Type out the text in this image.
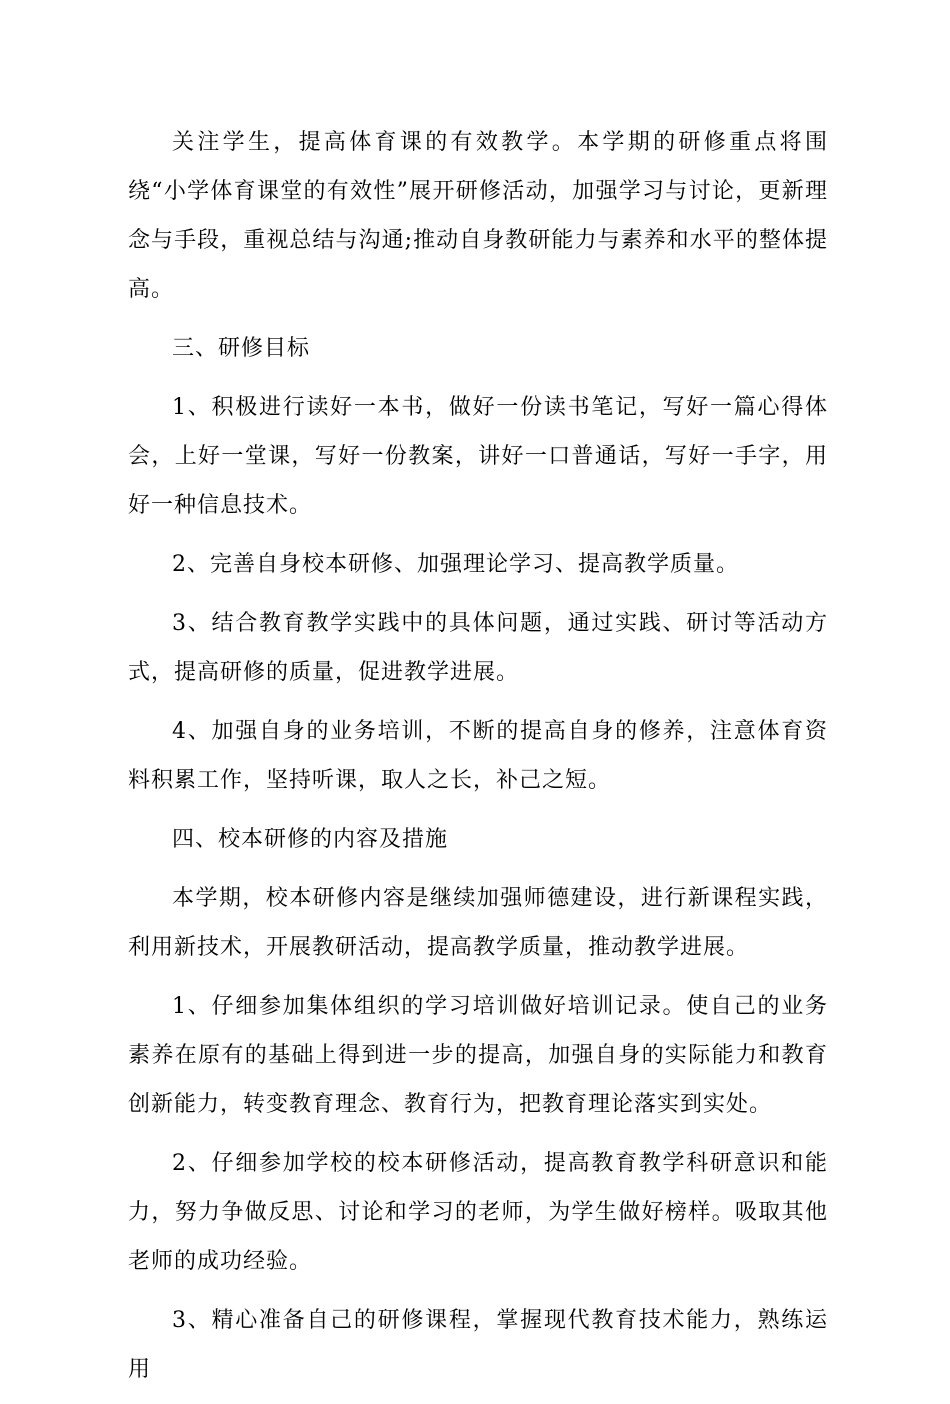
关注学生，提高体育课的有效教学。本学期的研修重点将围绕“小学体育课堂的有效性”展开研修活动，加强学习与讨论，更新理念与手段，重视总结与沟通;推动自身教研能力与素养和水平的整体提高。

三、研修目标

1、积极进行读好一本书，做好一份读书笔记，写好一篇心得体会，上好一堂课，写好一份教案，讲好一口普通话，写好一手字，用好一种信息技术。

2、完善自身校本研修、加强理论学习、提高教学质量。

3、结合教育教学实践中的具体问题，通过实践、研讨等活动方式，提高研修的质量，促进教学进展。

4、加强自身的业务培训，不断的提高自身的修养，注意体育资料积累工作，坚持听课，取人之长，补己之短。

四、校本研修的内容及措施

本学期，校本研修内容是继续加强师德建设，进行新课程实践，利用新技术，开展教研活动，提高教学质量，推动教学进展。

1、仔细参加集体组织的学习培训做好培训记录。使自己的业务素养在原有的基础上得到进一步的提高，加强自身的实际能力和教育创新能力，转变教育理念、教育行为，把教育理论落实到实处。

2、仔细参加学校的校本研修活动，提高教育教学科研意识和能力，努力争做反思、讨论和学习的老师，为学生做好榜样。吸取其他老师的成功经验。

3、精心准备自己的研修课程，掌握现代教育技术能力，熟练运用
